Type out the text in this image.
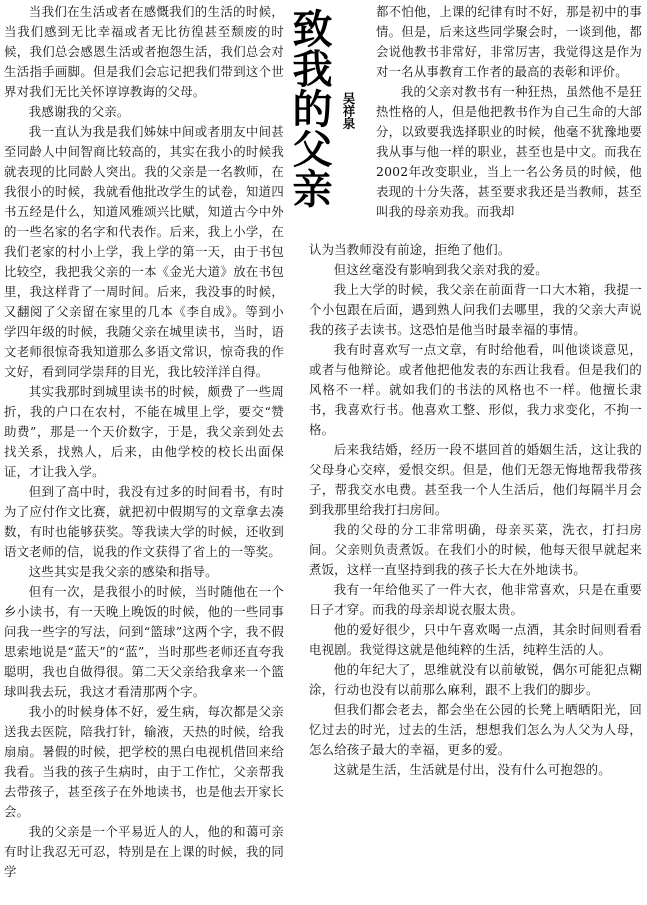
当我们在生活或者在感慨我们的生活的时候，当我们感到无比幸福或者无比彷徨甚至颓废的时候，我们总会感恩生活或者抱怨生活，我们总会对生活指手画脚。但是我们会忘记把我们带到这个世界对我们无比关怀谆谆教诲的父母。

我感谢我的父亲。

我一直认为我是我们姊妹中间或者朋友中间甚至同龄人中间智商比较高的，其实在我小的时候我就表现的比同龄人突出。我的父亲是一名教师，在我很小的时候，我就看他批改学生的试卷，知道四书五经是什么，知道风雅颂兴比赋，知道古今中外的一些名家的名字和代表作。后来，我上小学，在我们老家的村小上学，我上学的第一天，由于书包比较空，我把我父亲的一本《金光大道》放在书包里，我这样背了一周时间。后来，我没事的时候，又翻阅了父亲留在家里的几本《李自成》。等到小学四年级的时候，我随父亲在城里读书，当时，语文老师很惊奇我知道那么多语文常识，惊奇我的作文好，看到同学崇拜的目光，我比较洋洋自得。

其实我那时到城里读书的时候，颇费了一些周折，我的户口在农村，不能在城里上学，要交“赞助费”，那是一个天价数字，于是，我父亲到处去找关系，找熟人，后来，由他学校的校长出面保证，才让我入学。

但到了高中时，我没有过多的时间看书，有时为了应付作文比赛，就把初中假期写的文章拿去凑数，有时也能够获奖。等我读大学的时候，还收到语文老师的信，说我的作文获得了省上的一等奖。

这些其实是我父亲的感染和指导。

但有一次，是我很小的时候，当时随他在一个乡小读书，有一天晚上晚饭的时候，他的一些同事问我一些字的写法，问到“篮球”这两个字，我不假思索地说是“蓝天”的“蓝”，当时那些老师还直夸我聪明，我也自做得很。第二天父亲给我拿来一个篮球叫我去玩，我这才看清那两个字。

我小的时候身体不好，爱生病，每次都是父亲送我去医院，陪我打针，输液，天热的时候，给我扇扇。暑假的时候，把学校的黑白电视机借回来给我看。当我的孩子生病时，由于工作忙，父亲帮我去带孩子，甚至孩子在外地读书，也是他去开家长会。

我的父亲是一个平易近人的人，他的和蔼可亲有时让我忍无可忍，特别是在上课的时候，我的同学

致我的父亲 吴祥泉

都不怕他，上课的纪律有时不好，那是初中的事情。但是，后来这些同学聚会时，一谈到他，都会说他教书非常好，非常厉害，我觉得这是作为对一名从事教育工作者的最高的表彰和评价。

我的父亲对教书有一种狂热，虽然他不是狂热性格的人，但是他把教书作为自己生命的大部分，以致要我选择职业的时候，他毫不犹豫地要我从事与他一样的职业，甚至也是中文。而我在2002年改变职业，当上一名公务员的时候，他表现的十分失落，甚至要求我还是当教师，甚至叫我的母亲劝我。而我却

认为当教师没有前途，拒绝了他们。

但这丝毫没有影响到我父亲对我的爱。

我上大学的时候，我父亲在前面背一口大木箱，我提一个小包跟在后面，遇到熟人问我们去哪里，我的父亲大声说我的孩子去读书。这恐怕是他当时最幸福的事情。

我有时喜欢写一点文章，有时给他看，叫他谈谈意见，或者与他辩论。或者他把他发表的东西让我看。但是我们的风格不一样。就如我们的书法的风格也不一样。他擅长隶书，我喜欢行书。他喜欢工整、形似，我力求变化，不拘一格。

后来我结婚，经历一段不堪回首的婚姻生活，这让我的父母身心交瘁，爱恨交织。但是，他们无怨无悔地帮我带孩子，帮我交水电费。甚至我一个人生活后，他们每隔半月会到我那里给我打扫房间。

我的父母的分工非常明确，母亲买菜，洗衣，打扫房间。父亲则负责煮饭。在我们小的时候，他每天很早就起来煮饭，这样一直坚持到我的孩子长大在外地读书。

我有一年给他买了一件大衣，他非常喜欢，只是在重要日子才穿。而我的母亲却说衣服太贵。

他的爱好很少，只中午喜欢喝一点酒，其余时间则看看电视剧。我觉得这就是他纯粹的生活，纯粹生活的人。

他的年纪大了，思维就没有以前敏锐，偶尔可能犯点糊涂，行动也没有以前那么麻利，跟不上我们的脚步。

但我们都会老去，都会坐在公园的长凳上晒晒阳光，回忆过去的时光，过去的生活，想想我们怎么为人父为人母，怎么给孩子最大的幸福，更多的爱。

这就是生活，生活就是付出，没有什么可抱怨的。
